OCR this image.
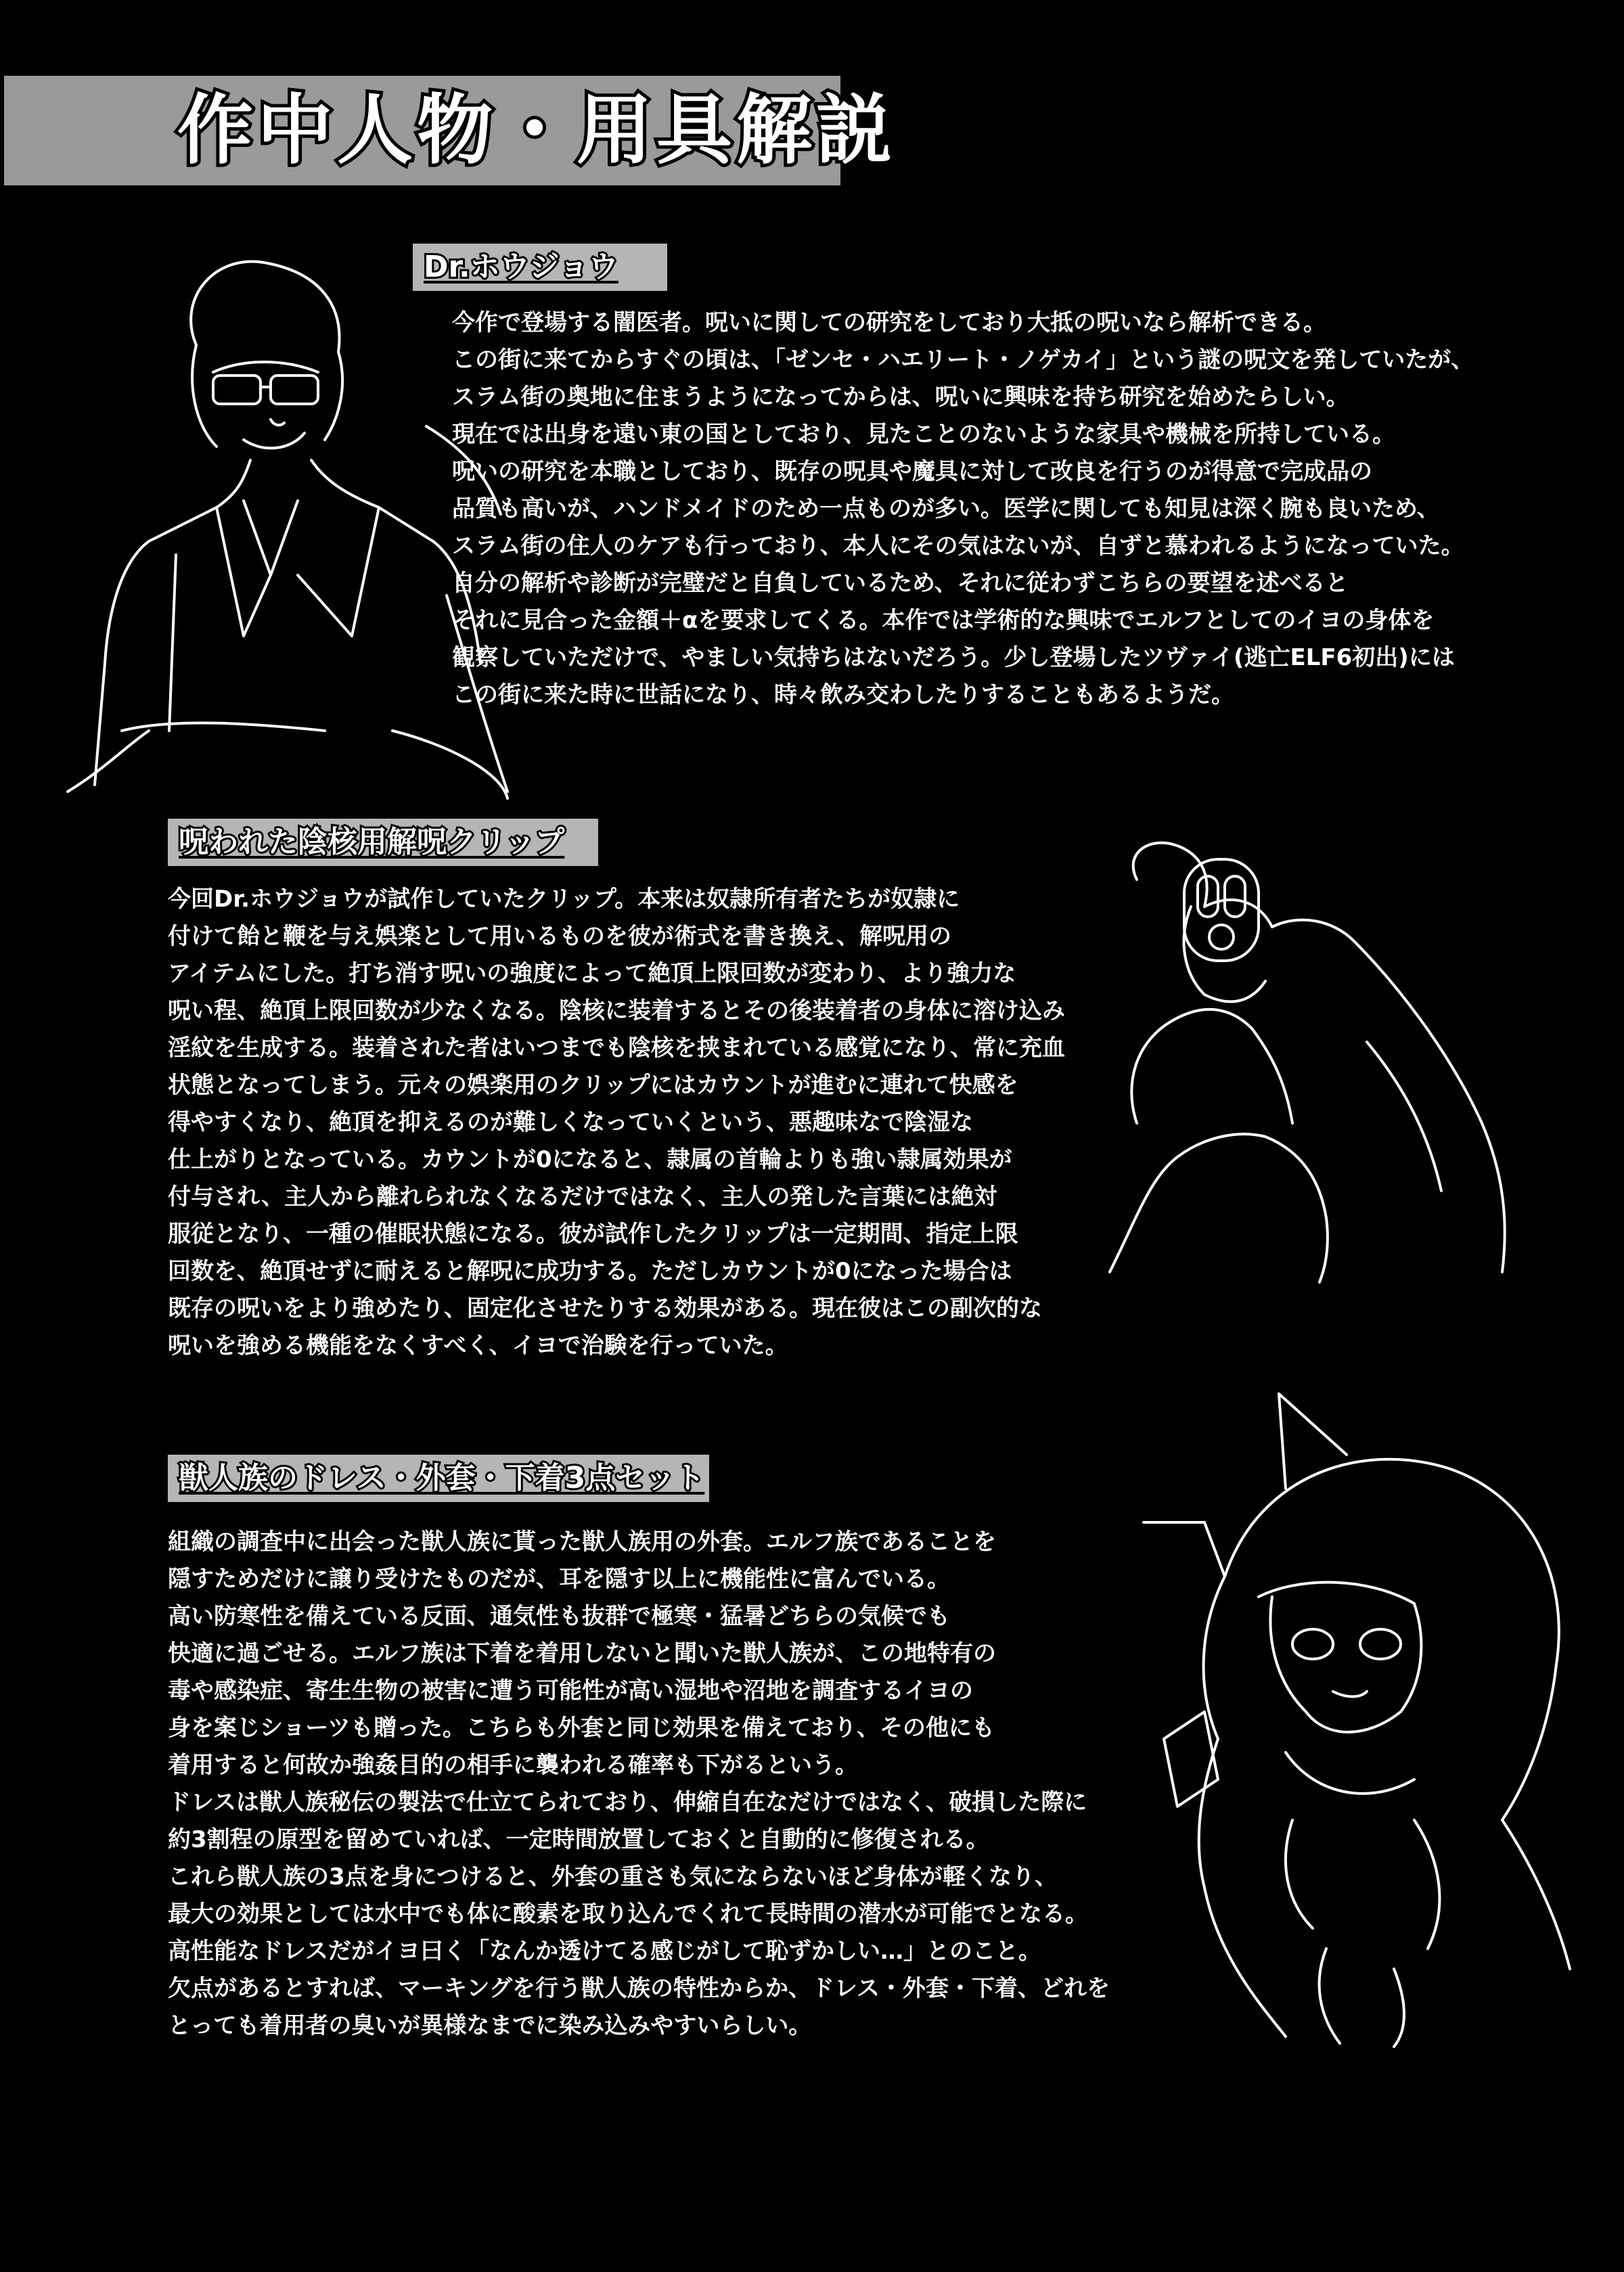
作中人物・用具解説
Dr.ホウジョウ
今作で登場する闇医者。呪いに関しての研究をしており大抵の呪いなら解析できる。
この街に来てからすぐの頃は、「ゼンセ・ハエリート・ノゲカイ」という謎の呪文を発していたが、
スラム街の奥地に住まうようになってからは、呪いに興味を持ち研究を始めたらしい。
現在では出身を遠い東の国としており、見たことのないような家具や機械を所持している。
呪いの研究を本職としており、既存の呪具や魔具に対して改良を行うのが得意で完成品の
品質も高いが、ハンドメイドのため一点ものが多い。医学に関しても知見は深く腕も良いため、
スラム街の住人のケアも行っており、本人にその気はないが、自ずと慕われるようになっていた。
自分の解析や診断が完璧だと自負しているため、それに従わずこちらの要望を述べると
それに見合った金額＋αを要求してくる。本作では学術的な興味でエルフとしてのイヨの身体を
観察していただけで、やましい気持ちはないだろう。少し登場したツヴァイ(逃亡ELF6初出)には
この街に来た時に世話になり、時々飲み交わしたりすることもあるようだ。
呪われた陰核用解呪クリップ
今回Dr.ホウジョウが試作していたクリップ。本来は奴隷所有者たちが奴隷に
付けて飴と鞭を与え娯楽として用いるものを彼が術式を書き換え、解呪用の
アイテムにした。打ち消す呪いの強度によって絶頂上限回数が変わり、より強力な
呪い程、絶頂上限回数が少なくなる。陰核に装着するとその後装着者の身体に溶け込み
淫紋を生成する。装着された者はいつまでも陰核を挟まれている感覚になり、常に充血
状態となってしまう。元々の娯楽用のクリップにはカウントが進むに連れて快感を
得やすくなり、絶頂を抑えるのが難しくなっていくという、悪趣味なで陰湿な
仕上がりとなっている。カウントが0になると、隷属の首輪よりも強い隷属効果が
付与され、主人から離れられなくなるだけではなく、主人の発した言葉には絶対
服従となり、一種の催眠状態になる。彼が試作したクリップは一定期間、指定上限
回数を、絶頂せずに耐えると解呪に成功する。ただしカウントが0になった場合は
既存の呪いをより強めたり、固定化させたりする効果がある。現在彼はこの副次的な
呪いを強める機能をなくすべく、イヨで治験を行っていた。
獣人族のドレス・外套・下着3点セット
組織の調査中に出会った獣人族に貰った獣人族用の外套。エルフ族であることを
隠すためだけに譲り受けたものだが、耳を隠す以上に機能性に富んでいる。
高い防寒性を備えている反面、通気性も抜群で極寒・猛暑どちらの気候でも
快適に過ごせる。エルフ族は下着を着用しないと聞いた獣人族が、この地特有の
毒や感染症、寄生生物の被害に遭う可能性が高い湿地や沼地を調査するイヨの
身を案じショーツも贈った。こちらも外套と同じ効果を備えており、その他にも
着用すると何故か強姦目的の相手に襲われる確率も下がるという。
ドレスは獣人族秘伝の製法で仕立てられており、伸縮自在なだけではなく、破損した際に
約3割程の原型を留めていれば、一定時間放置しておくと自動的に修復される。
これら獣人族の3点を身につけると、外套の重さも気にならないほど身体が軽くなり、
最大の効果としては水中でも体に酸素を取り込んでくれて長時間の潜水が可能でとなる。
高性能なドレスだがイヨ曰く「なんか透けてる感じがして恥ずかしい…」とのこと。
欠点があるとすれば、マーキングを行う獣人族の特性からか、ドレス・外套・下着、どれを
とっても着用者の臭いが異様なまでに染み込みやすいらしい。
